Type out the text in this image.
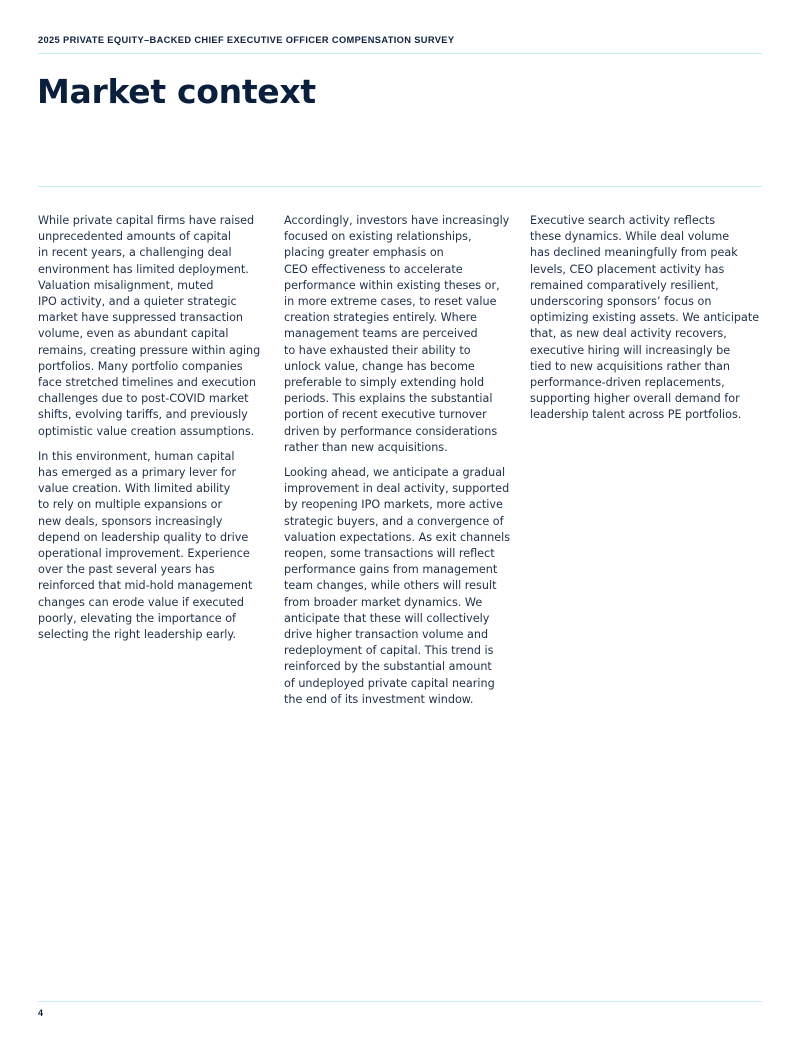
2025 PRIVATE EQUITY–BACKED CHIEF EXECUTIVE OFFICER COMPENSATION SURVEY
Market context

While private capital firms have raised
unprecedented amounts of capital
in recent years, a challenging deal
environment has limited deployment.
Valuation misalignment, muted
IPO activity, and a quieter strategic
market have suppressed transaction
volume, even as abundant capital
remains, creating pressure within aging
portfolios. Many portfolio companies
face stretched timelines and execution
challenges due to post-COVID market
shifts, evolving tariffs, and previously
optimistic value creation assumptions.

In this environment, human capital
has emerged as a primary lever for
value creation. With limited ability
to rely on multiple expansions or
new deals, sponsors increasingly
depend on leadership quality to drive
operational improvement. Experience
over the past several years has
reinforced that mid-hold management
changes can erode value if executed
poorly, elevating the importance of
selecting the right leadership early.

Accordingly, investors have increasingly
focused on existing relationships,
placing greater emphasis on
CEO effectiveness to accelerate
performance within existing theses or,
in more extreme cases, to reset value
creation strategies entirely. Where
management teams are perceived
to have exhausted their ability to
unlock value, change has become
preferable to simply extending hold
periods. This explains the substantial
portion of recent executive turnover
driven by performance considerations
rather than new acquisitions.

Looking ahead, we anticipate a gradual
improvement in deal activity, supported
by reopening IPO markets, more active
strategic buyers, and a convergence of
valuation expectations. As exit channels
reopen, some transactions will reflect
performance gains from management
team changes, while others will result
from broader market dynamics. We
anticipate that these will collectively
drive higher transaction volume and
redeployment of capital. This trend is
reinforced by the substantial amount
of undeployed private capital nearing
the end of its investment window.

Executive search activity reflects
these dynamics. While deal volume
has declined meaningfully from peak
levels, CEO placement activity has
remained comparatively resilient,
underscoring sponsors’ focus on
optimizing existing assets. We anticipate
that, as new deal activity recovers,
executive hiring will increasingly be
tied to new acquisitions rather than
performance-driven replacements,
supporting higher overall demand for
leadership talent across PE portfolios.

4
